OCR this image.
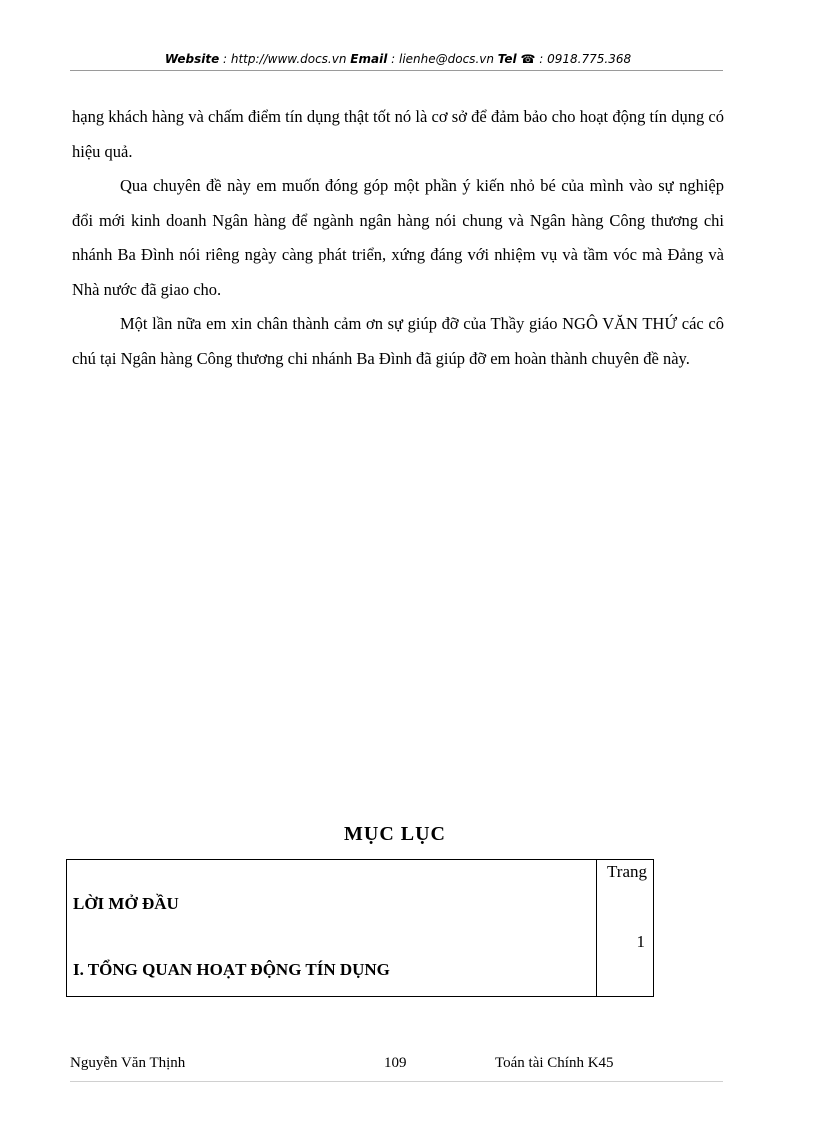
Website : http://www.docs.vn Email : lienhe@docs.vn Tel ☎ : 0918.775.368

hạng khách hàng và chấm điểm tín dụng thật tốt nó là cơ sở để đảm bảo cho hoạt động tín dụng có hiệu quả.

Qua chuyên đề này em muốn đóng góp một phần ý kiến nhỏ bé của mình vào sự nghiệp đổi mới kinh doanh Ngân hàng để ngành ngân hàng nói chung và Ngân hàng Công thương chi nhánh Ba Đình nói riêng ngày càng phát triển, xứng đáng với nhiệm vụ và tầm vóc mà Đảng và Nhà nước đã giao cho.

Một lần nữa em xin chân thành cảm ơn sự giúp đỡ của Thầy giáo NGÔ VĂN THỨ các cô chú tại Ngân hàng Công thương chi nhánh Ba Đình đã giúp đỡ em hoàn thành chuyên đề này.

MỤC LỤC
Trang
LỜI MỞ ĐẦU
1
I. TỔNG QUAN HOẠT ĐỘNG TÍN DỤNG
Nguyễn Văn Thịnh	109	Toán tài Chính K45
